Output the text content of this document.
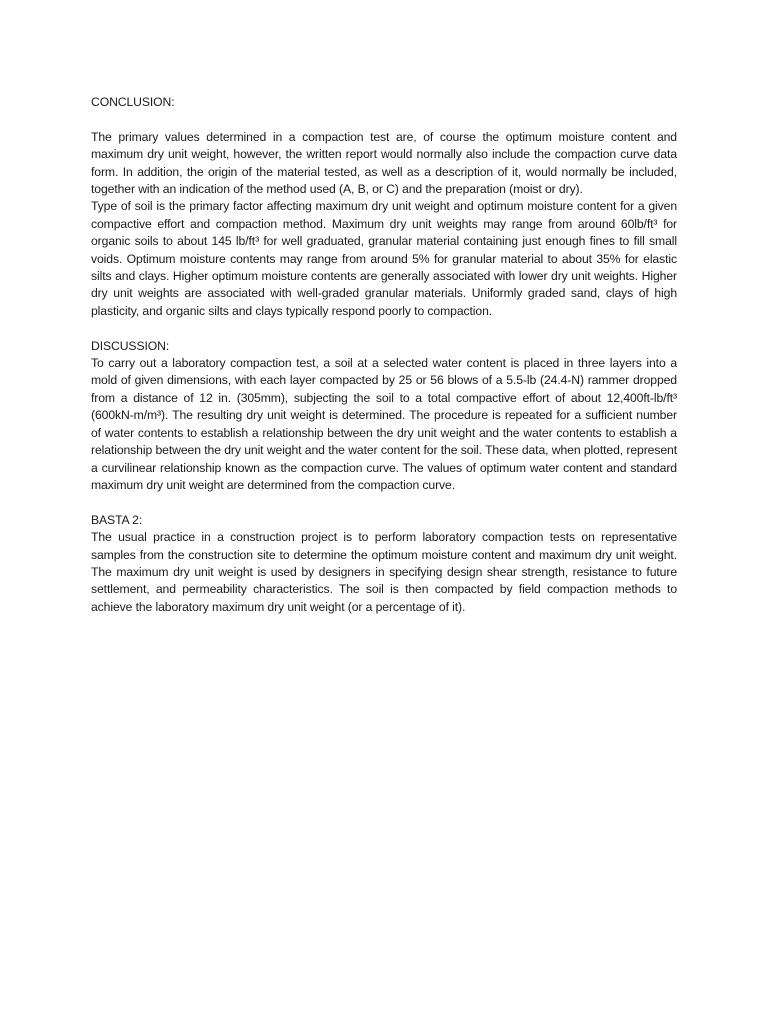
CONCLUSION:

The primary values determined in a compaction test are, of course the optimum moisture content and maximum dry unit weight, however, the written report would normally also include the compaction curve data form. In addition, the origin of the material tested, as well as a description of it, would normally be included, together with an indication of the method used (A, B, or C) and the preparation (moist or dry).

Type of soil is the primary factor affecting maximum dry unit weight and optimum moisture content for a given compactive effort and compaction method. Maximum dry unit weights may range from around 60lb/ft³ for organic soils to about 145 lb/ft³ for well graduated, granular material containing just enough fines to fill small voids. Optimum moisture contents may range from around 5% for granular material to about 35% for elastic silts and clays. Higher optimum moisture contents are generally associated with lower dry unit weights. Higher dry unit weights are associated with well-graded granular materials. Uniformly graded sand, clays of high plasticity, and organic silts and clays typically respond poorly to compaction.

DISCUSSION:

To carry out a laboratory compaction test, a soil at a selected water content is placed in three layers into a mold of given dimensions, with each layer compacted by 25 or 56 blows of a 5.5-lb (24.4-N) rammer dropped from a distance of 12 in. (305mm), subjecting the soil to a total compactive effort of about 12,400ft-lb/ft³ (600kN-m/m³). The resulting dry unit weight is determined. The procedure is repeated for a sufficient number of water contents to establish a relationship between the dry unit weight and the water contents to establish a relationship between the dry unit weight and the water content for the soil. These data, when plotted, represent a curvilinear relationship known as the compaction curve. The values of optimum water content and standard maximum dry unit weight are determined from the compaction curve.

BASTA 2:

The usual practice in a construction project is to perform laboratory compaction tests on representative samples from the construction site to determine the optimum moisture content and maximum dry unit weight. The maximum dry unit weight is used by designers in specifying design shear strength, resistance to future settlement, and permeability characteristics. The soil is then compacted by field compaction methods to achieve the laboratory maximum dry unit weight (or a percentage of it).
